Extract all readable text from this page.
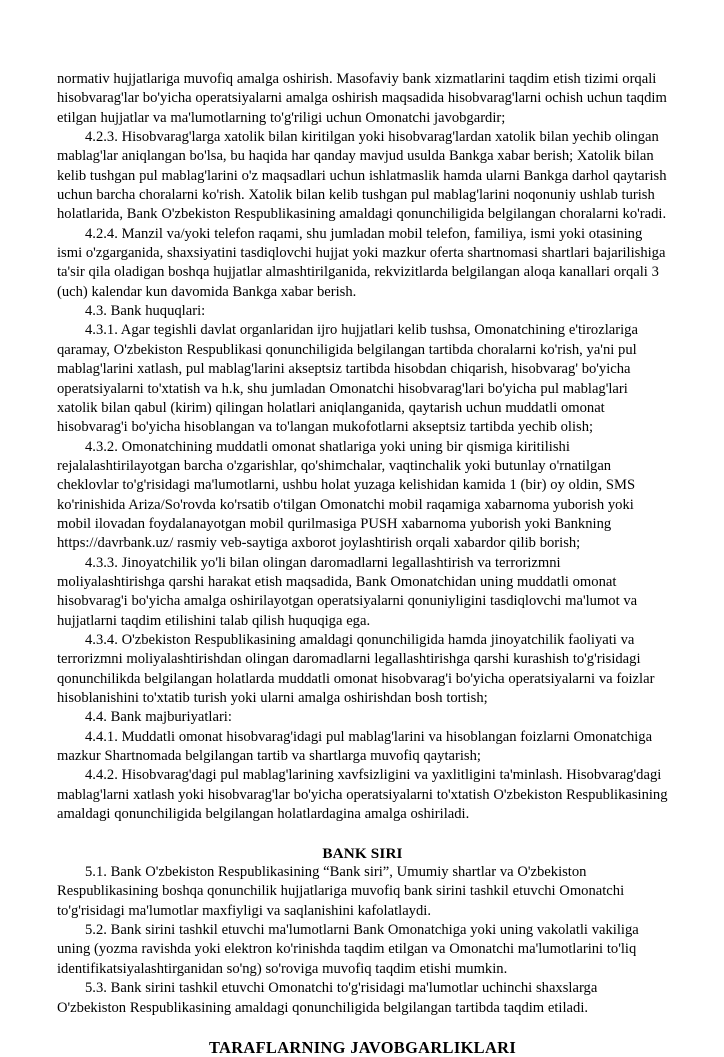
normativ hujjatlariga muvofiq amalga oshirish. Masofaviy bank xizmatlarini taqdim etish tizimi orqali hisobvarag'lar bo'yicha operatsiyalarni amalga oshirish maqsadida hisobvarag'larni ochish uchun taqdim etilgan hujjatlar va ma'lumotlarning to'g'riligi uchun Omonatchi javobgardir;

4.2.3. Hisobvarag'larga xatolik bilan kiritilgan yoki hisobvarag'lardan xatolik bilan yechib olingan mablag'lar aniqlangan bo'lsa, bu haqida har qanday mavjud usulda Bankga xabar berish; Xatolik bilan kelib tushgan pul mablag'larini o'z maqsadlari uchun ishlatmaslik hamda ularni Bankga darhol qaytarish uchun barcha choralarni ko'rish. Xatolik bilan kelib tushgan pul mablag'larini noqonuniy ushlab turish holatlarida, Bank O'zbekiston Respublikasining amaldagi qonunchiligida belgilangan choralarni ko'radi.

4.2.4. Manzil va/yoki telefon raqami, shu jumladan mobil telefon, familiya, ismi yoki otasining ismi o'zgarganida, shaxsiyatini tasdiqlovchi hujjat yoki mazkur oferta shartnomasi shartlari bajarilishiga ta'sir qila oladigan boshqa hujjatlar almashtirilganida, rekvizitlarda belgilangan aloqa kanallari orqali 3 (uch) kalendar kun davomida Bankga xabar berish.

4.3. Bank huquqlari:

4.3.1. Agar tegishli davlat organlaridan ijro hujjatlari kelib tushsa, Omonatchining e'tirozlariga qaramay, O'zbekiston Respublikasi qonunchiligida belgilangan tartibda choralarni ko'rish, ya'ni pul mablag'larini xatlash, pul mablag'larini akseptsiz tartibda hisobdan chiqarish, hisobvarag' bo'yicha operatsiyalarni to'xtatish va h.k, shu jumladan Omonatchi hisobvarag'lari bo'yicha pul mablag'lari xatolik bilan qabul (kirim) qilingan holatlari aniqlanganida, qaytarish uchun muddatli omonat hisobvarag'i bo'yicha hisoblangan va to'langan mukofotlarni akseptsiz tartibda yechib olish;

4.3.2. Omonatchining muddatli omonat shatlariga yoki uning bir qismiga kiritilishi rejalalashtirilayotgan barcha o'zgarishlar, qo'shimchalar, vaqtinchalik yoki butunlay o'rnatilgan cheklovlar to'g'risidagi ma'lumotlarni, ushbu holat yuzaga kelishidan kamida 1 (bir) oy oldin, SMS ko'rinishida Ariza/So'rovda ko'rsatib o'tilgan Omonatchi mobil raqamiga xabarnoma yuborish yoki mobil ilovadan foydalanayotgan mobil qurilmasiga PUSH xabarnoma yuborish yoki Bankning https://davrbank.uz/ rasmiy veb-saytiga axborot joylashtirish orqali xabardor qilib borish;

4.3.3. Jinoyatchilik yo'li bilan olingan daromadlarni legallashtirish va terrorizmni moliyalashtirishga qarshi harakat etish maqsadida, Bank Omonatchidan uning muddatli omonat hisobvarag'i bo'yicha amalga oshirilayotgan operatsiyalarni qonuniyligini tasdiqlovchi ma'lumot va hujjatlarni taqdim etilishini talab qilish huquqiga ega.

4.3.4. O'zbekiston Respublikasining amaldagi qonunchiligida hamda jinoyatchilik faoliyati va terrorizmni moliyalashtirishdan olingan daromadlarni legallashtirishga qarshi kurashish to'g'risidagi qonunchilikda belgilangan holatlarda muddatli omonat hisobvarag'i bo'yicha operatsiyalarni va foizlar hisoblanishini to'xtatib turish yoki ularni amalga oshirishdan bosh tortish;

4.4. Bank majburiyatlari:

4.4.1. Muddatli omonat hisobvarag'idagi pul mablag'larini va hisoblangan foizlarni Omonatchiga mazkur Shartnomada belgilangan tartib va shartlarga muvofiq qaytarish;

4.4.2. Hisobvarag'dagi pul mablag'larining xavfsizligini va yaxlitligini ta'minlash. Hisobvarag'dagi mablag'larni xatlash yoki hisobvarag'lar bo'yicha operatsiyalarni to'xtatish O'zbekiston Respublikasining amaldagi qonunchiligida belgilangan holatlardagina amalga oshiriladi.

BANK SIRI

5.1. Bank O'zbekiston Respublikasining “Bank siri”, Umumiy shartlar va O'zbekiston Respublikasining boshqa qonunchilik hujjatlariga muvofiq bank sirini tashkil etuvchi Omonatchi to'g'risidagi ma'lumotlar maxfiyligi va saqlanishini kafolatlaydi.

5.2. Bank sirini tashkil etuvchi ma'lumotlarni Bank Omonatchiga yoki uning vakolatli vakiliga uning (yozma ravishda yoki elektron ko'rinishda taqdim etilgan va Omonatchi ma'lumotlarini to'liq identifikatsiyalashtirganidan so'ng) so'roviga muvofiq taqdim etishi mumkin.

5.3. Bank sirini tashkil etuvchi Omonatchi to'g'risidagi ma'lumotlar uchinchi shaxslarga O'zbekiston Respublikasining amaldagi qonunchiligida belgilangan tartibda taqdim etiladi.

TARAFLARNING JAVOBGARLIKLARI
